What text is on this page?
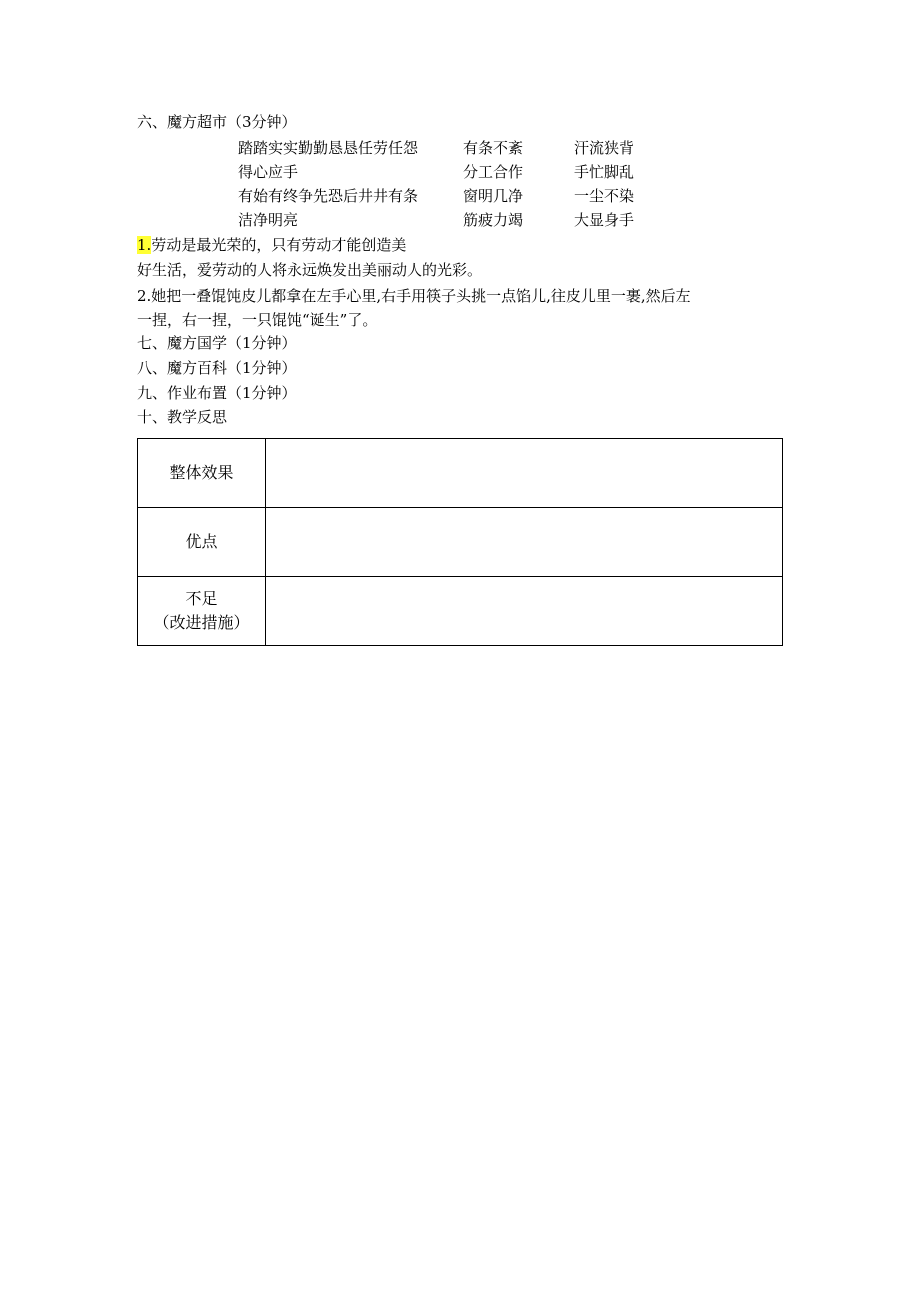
六、魔方超市（3分钟）
踏踏实实勤勤恳恳任劳任怨	有条不紊	汗流狭背
得心应手	分工合作	手忙脚乱
有始有终争先恐后井井有条	窗明几净	一尘不染
洁净明亮	筋疲力竭	大显身手
1.劳动是最光荣的，只有劳动才能创造美
好生活，爱劳动的人将永远焕发出美丽动人的光彩。
2.她把一叠馄饨皮儿都拿在左手心里,右手用筷子头挑一点馅儿,往皮儿里一裹,然后左
一捏，右一捏，一只馄饨“诞生”了。
七、魔方国学（1分钟）
八、魔方百科（1分钟）
九、作业布置（1分钟）
十、教学反思
整体效果	

优点	

不足
（改进措施）	
